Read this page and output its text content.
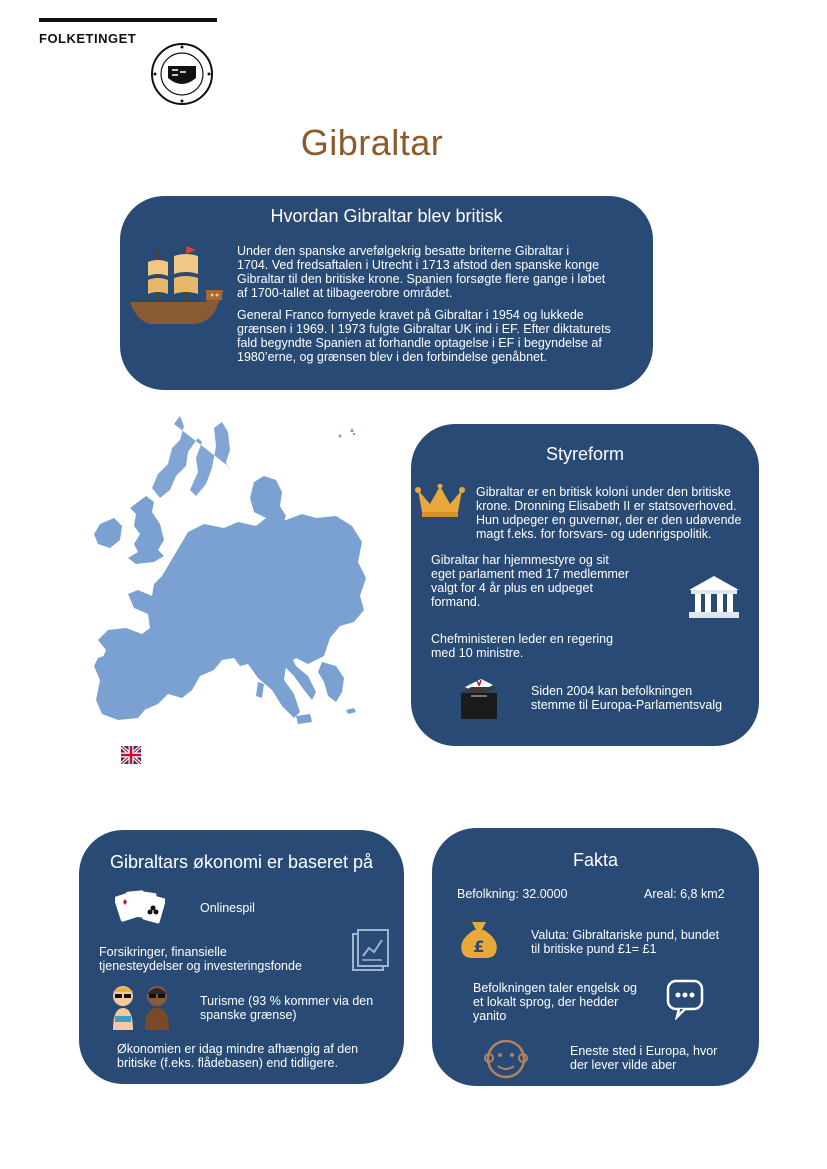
FOLKETINGET
Gibraltar
Hvordan Gibraltar blev britisk
Under den spanske arvefølgekrig besatte briterne Gibraltar i
1704. Ved fredsaftalen i Utrecht i 1713 afstod den spanske konge
Gibraltar til den britiske krone. Spanien forsøgte flere gange i løbet
af 1700-tallet at tilbageerobre området.
General Franco fornyede kravet på Gibraltar i 1954 og lukkede
grænsen i 1969. I 1973 fulgte Gibraltar UK ind i EF. Efter diktaturets
fald begyndte Spanien at forhandle optagelse i EF i begyndelse af
1980’erne, og grænsen blev i den forbindelse genåbnet.
Styreform
Gibraltar er en britisk koloni under den britiske
krone. Dronning Elisabeth II er statsoverhoved.
Hun udpeger en guvernør, der er den udøvende
magt f.eks. for forsvars- og udenrigspolitik.
Gibraltar har hjemmestyre og sit
eget parlament med 17 medlemmer
valgt for 4 år plus en udpeget
formand.
Chefministeren leder en regering
med 10 ministre.
Siden 2004 kan befolkningen
stemme til Europa-Parlamentsvalg
Gibraltars økonomi er baseret på
Onlinespil
Forsikringer, finansielle
tjenesteydelser og investeringsfonde
Turisme (93 % kommer via den
spanske grænse)
Økonomien er idag mindre afhængig af den
britiske (f.eks. flådebasen) end tidligere.
Fakta
Befolkning: 32.0000	Areal: 6,8 km2
£
Valuta: Gibraltariske pund, bundet
til britiske pund £1= £1
Befolkningen taler engelsk og
et lokalt sprog, der hedder
yanito
Eneste sted i Europa, hvor
der lever vilde aber
